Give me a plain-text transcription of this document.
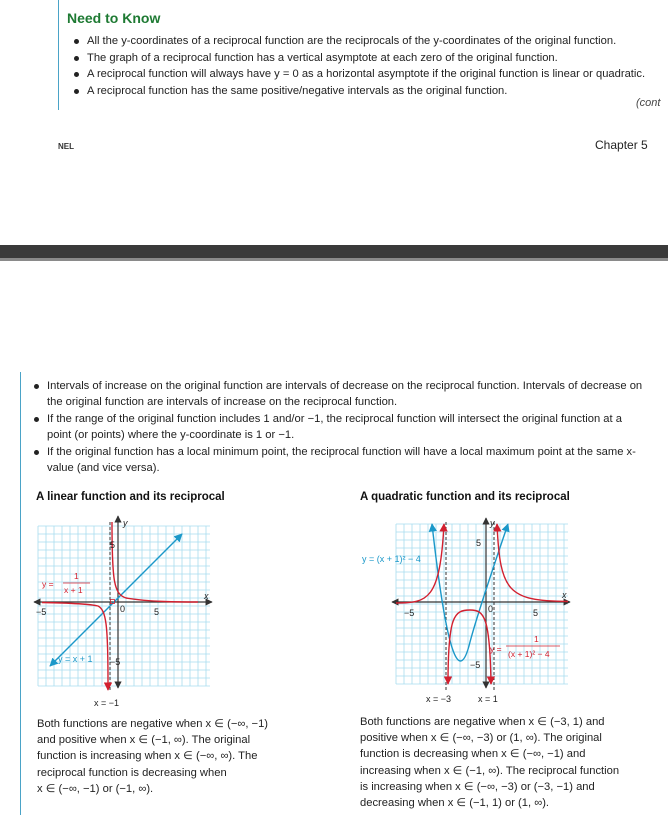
Need to Know
All the y-coordinates of a reciprocal function are the reciprocals of the y-coordinates of the original function.
The graph of a reciprocal function has a vertical asymptote at each zero of the original function.
A reciprocal function will always have y = 0 as a horizontal asymptote if the original function is linear or quadratic.
A reciprocal function has the same positive/negative intervals as the original function.
(cont
NEL	Chapter 5
Intervals of increase on the original function are intervals of decrease on the reciprocal function. Intervals of decrease on the original function are intervals of increase on the reciprocal function.
If the range of the original function includes 1 and/or −1, the reciprocal function will intersect the original function at a point (or points) where the y-coordinate is 1 or −1.
If the original function has a local minimum point, the reciprocal function will have a local maximum point at the same x-value (and vice versa).
A linear function and its reciprocal	A quadratic function and its reciprocal
x
y
−5	5
5
−5
0
y =
1
x + 1
y = x + 1
x = −1
x
y
−5	5
5
−5
0
y = (x + 1)² − 4
y =
1
(x + 1)² − 4
x = −3	x = 1
Both functions are negative when x ∈ (−∞, −1)
and positive when x ∈ (−1, ∞). The original
function is increasing when x ∈ (−∞, ∞). The
reciprocal function is decreasing when
x ∈ (−∞, −1) or (−1, ∞).
Both functions are negative when x ∈ (−3, 1) and
positive when x ∈ (−∞, −3) or (1, ∞). The original
function is decreasing when x ∈ (−∞, −1) and
increasing when x ∈ (−1, ∞). The reciprocal function
is increasing when x ∈ (−∞, −3) or (−3, −1) and
decreasing when x ∈ (−1, 1) or (1, ∞).
